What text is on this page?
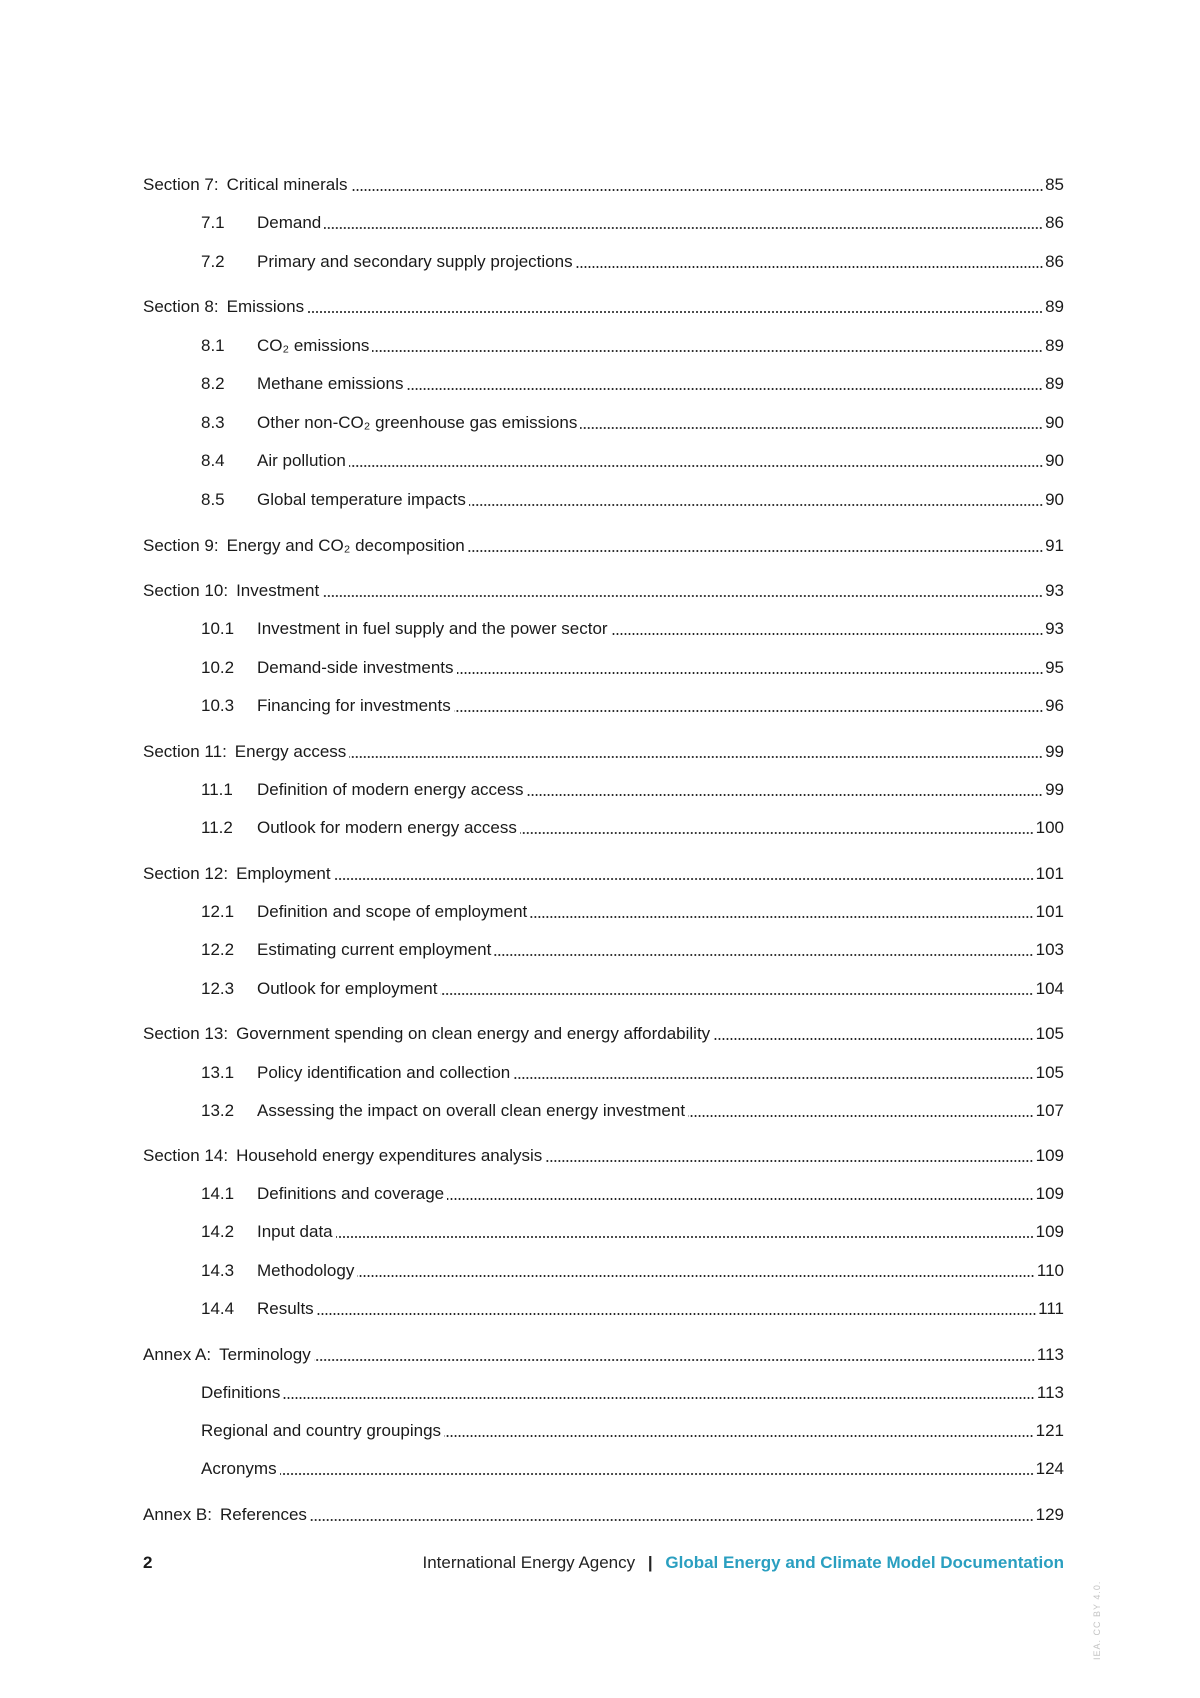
Section 7: Critical minerals	85
7.1	Demand	86
7.2	Primary and secondary supply projections	86
Section 8: Emissions	89
8.1	CO₂ emissions	89
8.2	Methane emissions	89
8.3	Other non-CO₂ greenhouse gas emissions	90
8.4	Air pollution	90
8.5	Global temperature impacts	90
Section 9: Energy and CO₂ decomposition	91
Section 10: Investment	93
10.1	Investment in fuel supply and the power sector	93
10.2	Demand-side investments	95
10.3	Financing for investments	96
Section 11: Energy access	99
11.1	Definition of modern energy access	99
11.2	Outlook for modern energy access	100
Section 12: Employment	101
12.1	Definition and scope of employment	101
12.2	Estimating current employment	103
12.3	Outlook for employment	104
Section 13: Government spending on clean energy and energy affordability	105
13.1	Policy identification and collection	105
13.2	Assessing the impact on overall clean energy investment	107
Section 14: Household energy expenditures analysis	109
14.1	Definitions and coverage	109
14.2	Input data	109
14.3	Methodology	110
14.4	Results	111
Annex A: Terminology	113
Definitions	113
Regional and country groupings	121
Acronyms	124
Annex B: References	129
2	International Energy Agency | Global Energy and Climate Model Documentation
IEA. CC BY 4.0.
